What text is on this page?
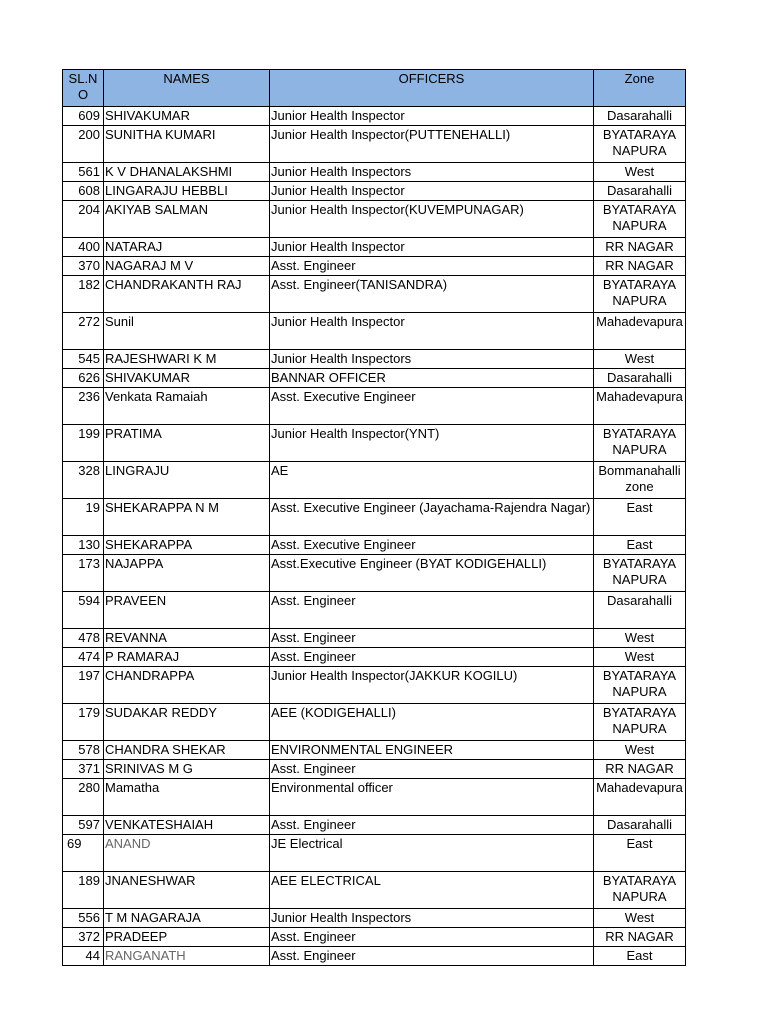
SL.NO	NAMES	OFFICERS	Zone
609	SHIVAKUMAR	Junior Health Inspector	Dasarahalli
200	SUNITHA KUMARI	Junior Health Inspector(PUTTENEHALLI)	BYATARAYA NAPURA
561	K V DHANALAKSHMI	Junior Health Inspectors	West
608	LINGARAJU HEBBLI	Junior Health Inspector	Dasarahalli
204	AKIYAB SALMAN	Junior Health Inspector(KUVEMPUNAGAR)	BYATARAYA NAPURA
400	NATARAJ	Junior Health Inspector	RR NAGAR
370	NAGARAJ M V	Asst. Engineer	RR NAGAR
182	CHANDRAKANTH RAJ	Asst. Engineer(TANISANDRA)	BYATARAYA NAPURA
272	Sunil	Junior Health Inspector	Mahadevapura
545	RAJESHWARI K M	Junior Health Inspectors	West
626	SHIVAKUMAR	BANNAR OFFICER	Dasarahalli
236	Venkata Ramaiah	Asst. Executive Engineer	Mahadevapura
199	PRATIMA	Junior Health Inspector(YNT)	BYATARAYA NAPURA
328	LINGRAJU	AE	Bommanahalli zone
19	SHEKARAPPA N M	Asst. Executive Engineer (Jayachama-Rajendra Nagar)	East
130	SHEKARAPPA	Asst. Executive Engineer	East
173	NAJAPPA	Asst.Executive Engineer (BYAT KODIGEHALLI)	BYATARAYA NAPURA
594	PRAVEEN	Asst. Engineer	Dasarahalli
478	REVANNA	Asst. Engineer	West
474	P RAMARAJ	Asst. Engineer	West
197	CHANDRAPPA	Junior Health Inspector(JAKKUR KOGILU)	BYATARAYA NAPURA
179	SUDAKAR REDDY	AEE (KODIGEHALLI)	BYATARAYA NAPURA
578	CHANDRA SHEKAR	ENVIRONMENTAL ENGINEER	West
371	SRINIVAS M G	Asst. Engineer	RR NAGAR
280	Mamatha	Environmental officer	Mahadevapura
597	VENKATESHAIAH	Asst. Engineer	Dasarahalli
69	ANAND	JE Electrical	East
189	JNANESHWAR	AEE ELECTRICAL	BYATARAYA NAPURA
556	T M NAGARAJA	Junior Health Inspectors	West
372	PRADEEP	Asst. Engineer	RR NAGAR
44	RANGANATH	Asst. Engineer	East
